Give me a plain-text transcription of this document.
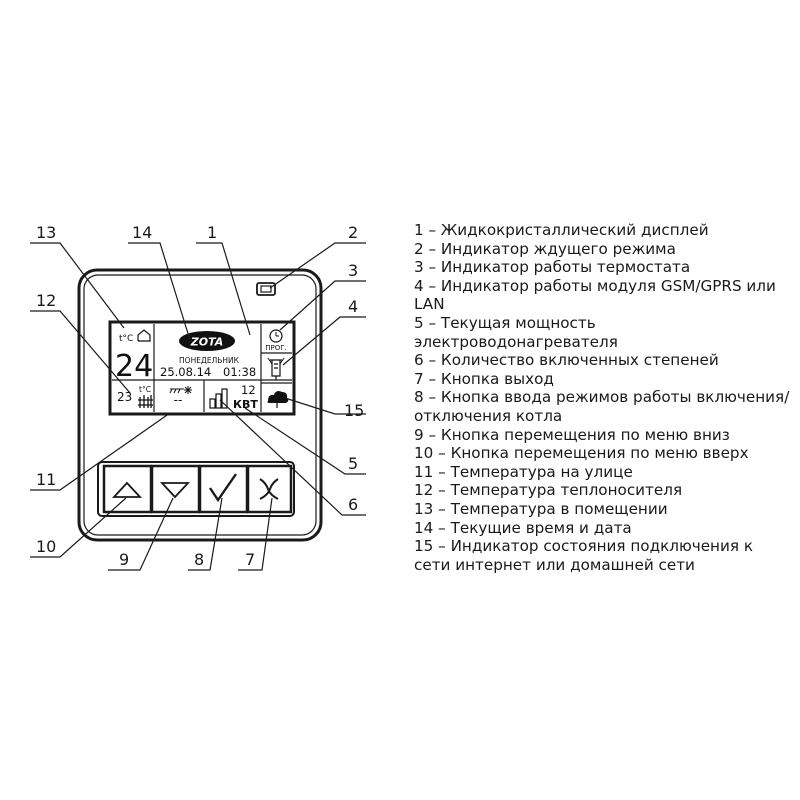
t°C
24
ZOTA
ПОНЕДЕЛЬНИК
25.08.14 01:38
ПРОГ.
23
t°C
--
12
КВТ
13	14	1	2
3
12	4
15
11
5
6
10
9	8	7

1 – Жидкокристаллический дисплей

2 – Индикатор ждущего режима

3 – Индикатор работы термостата

4 – Индикатор работы модуля GSM/GPRS или LAN

5 – Текущая мощность электроводонагревателя

6 – Количество включенных степеней

7 – Кнопка выход

8 – Кнопка ввода режимов работы включения/отключения котла

9 – Кнопка перемещения по меню вниз

10 – Кнопка перемещения по меню вверх

11 – Температура на улице

12 – Температура теплоносителя

13 – Температура в помещении

14 – Текущие время и дата

15 – Индикатор состояния подключения к сети интернет или домашней сети
